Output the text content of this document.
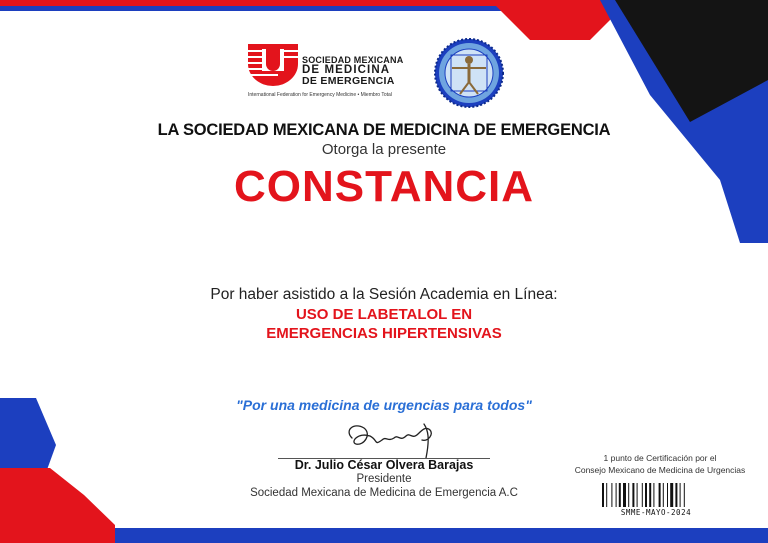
SOCIEDAD MEXICANA
DE MEDICINA
DE EMERGENCIA
International Federation for Emergency Medicine • Miembro Total
LA SOCIEDAD MEXICANA DE MEDICINA DE EMERGENCIA
Otorga la presente
CONSTANCIA
Por haber asistido a la Sesión Academia en Línea:
USO DE LABETALOL EN
EMERGENCIAS HIPERTENSIVAS
"Por una medicina de urgencias para todos"
Dr. Julio César Olvera Barajas
Presidente
Sociedad Mexicana de Medicina de Emergencia A.C
1 punto de Certificación por el
Consejo Mexicano de Medicina de Urgencias
SMME-MAYO-2024
